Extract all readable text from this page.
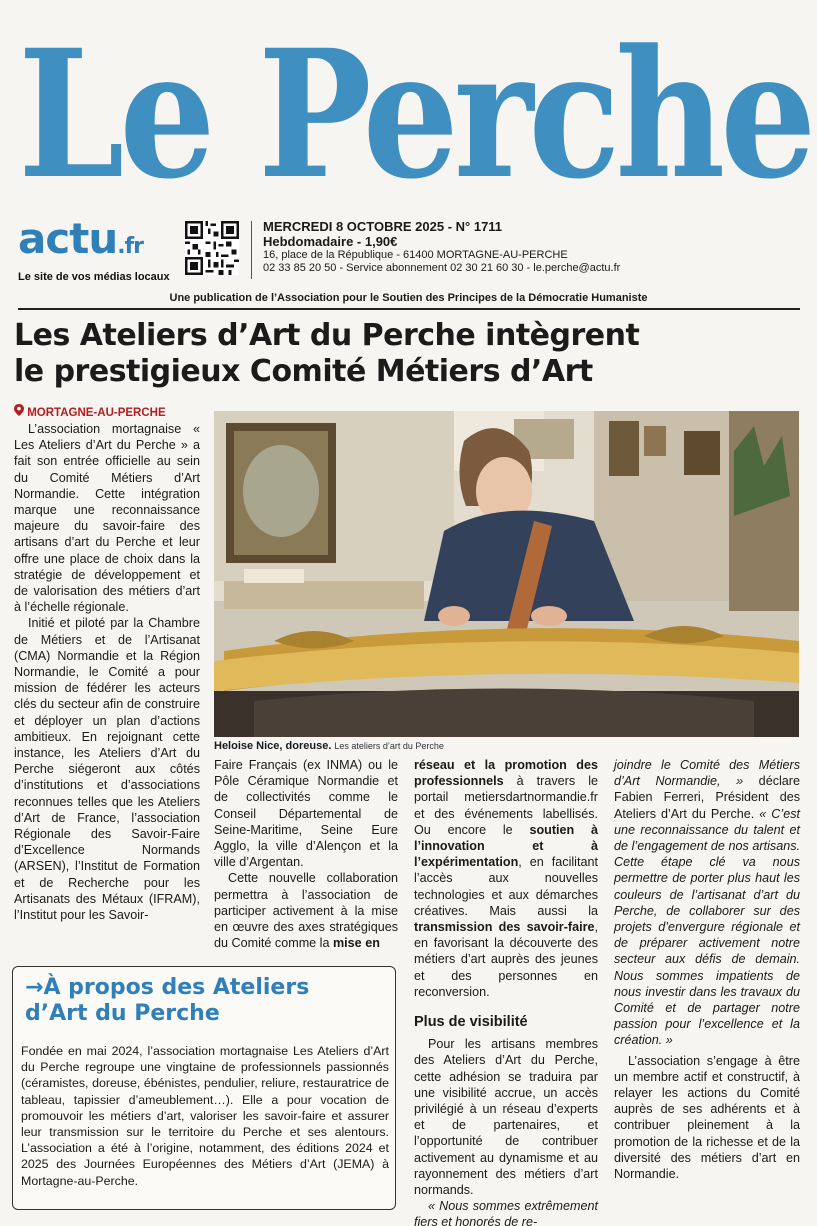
Le Perche
actu.fr
Le site de vos médias locaux
MERCREDI 8 OCTOBRE 2025 - N° 1711
Hebdomadaire - 1,90€
16, place de la République - 61400 MORTAGNE-AU-PERCHE
02 33 85 20 50 - Service abonnement 02 30 21 60 30 - le.perche@actu.fr
Une publication de l’Association pour le Soutien des Principes de la Démocratie Humaniste
Les Ateliers d’Art du Perche intègrent
le prestigieux Comité Métiers d’Art
MORTAGNE-AU-PERCHE
Heloise Nice, doreuse. Les ateliers d’art du Perche

L’association mortagnaise « Les Ateliers d’Art du Perche » a fait son entrée officielle au sein du Comité Métiers d’Art Normandie. Cette intégration marque une reconnaissance majeure du savoir-faire des artisans d’art du Perche et leur offre une place de choix dans la stratégie de développement et de valorisation des métiers d’art à l’échelle régionale.

Initié et piloté par la Chambre de Métiers et de l’Artisanat (CMA) Normandie et la Région Normandie, le Comité a pour mission de fédérer les acteurs clés du secteur afin de construire et déployer un plan d’actions ambitieux. En rejoignant cette instance, les Ateliers d’Art du Perche siégeront aux côtés d’institutions et d’associations reconnues telles que les Ateliers d’Art de France, l’association Régionale des Savoir-Faire d’Excellence Normands (ARSEN), l’Institut de Formation et de Recherche pour les Artisanats des Métaux (IFRAM), l’Institut pour les Savoir-

Faire Français (ex INMA) ou le Pôle Céramique Normandie et de collectivités comme le Conseil Départemental de Seine-Maritime, Seine Eure Agglo, la ville d’Alençon et la ville d’Argentan.

Cette nouvelle collaboration permettra à l’association de participer activement à la mise en œuvre des axes stratégiques du Comité comme la mise en

réseau et la promotion des professionnels à travers le portail metiersdartnormandie.fr et des événements labellisés. Ou encore le soutien à l’innovation et à l’expérimentation, en facilitant l’accès aux nouvelles technologies et aux démarches créatives. Mais aussi la transmission des savoir-faire, en favorisant la découverte des métiers d’art auprès des jeunes et des personnes en reconversion.

Plus de visibilité

Pour les artisans membres des Ateliers d’Art du Perche, cette adhésion se traduira par une visibilité accrue, un accès privilégié à un réseau d’experts et de partenaires, et l’opportunité de contribuer activement au dynamisme et au rayonnement des métiers d’art normands.

« Nous sommes extrêmement fiers et honorés de re-

joindre le Comité des Métiers d’Art Normandie, » déclare Fabien Ferreri, Président des Ateliers d’Art du Perche. « C’est une reconnaissance du talent et de l’engagement de nos artisans. Cette étape clé va nous permettre de porter plus haut les couleurs de l’artisanat d’art du Perche, de collaborer sur des projets d’envergure régionale et de préparer activement notre secteur aux défis de demain. Nous sommes impatients de nous investir dans les travaux du Comité et de partager notre passion pour l’excellence et la création. »

L’association s’engage à être un membre actif et constructif, à relayer les actions du Comité auprès de ses adhérents et à contribuer pleinement à la promotion de la richesse et de la diversité des métiers d’art en Normandie.

→À propos des Ateliers
d’Art du Perche
Fondée en mai 2024, l’association mortagnaise Les Ateliers d’Art du Perche regroupe une vingtaine de professionnels passionnés (céramistes, doreuse, ébénistes, pendulier, reliure, restauratrice de tableau, tapissier d’ameublement…). Elle a pour vocation de promouvoir les métiers d’art, valoriser les savoir-faire et assurer leur transmission sur le territoire du Perche et ses alentours. L’association a été à l’origine, notamment, des éditions 2024 et 2025 des Journées Européennes des Métiers d’Art (JEMA) à Mortagne-au-Perche.
